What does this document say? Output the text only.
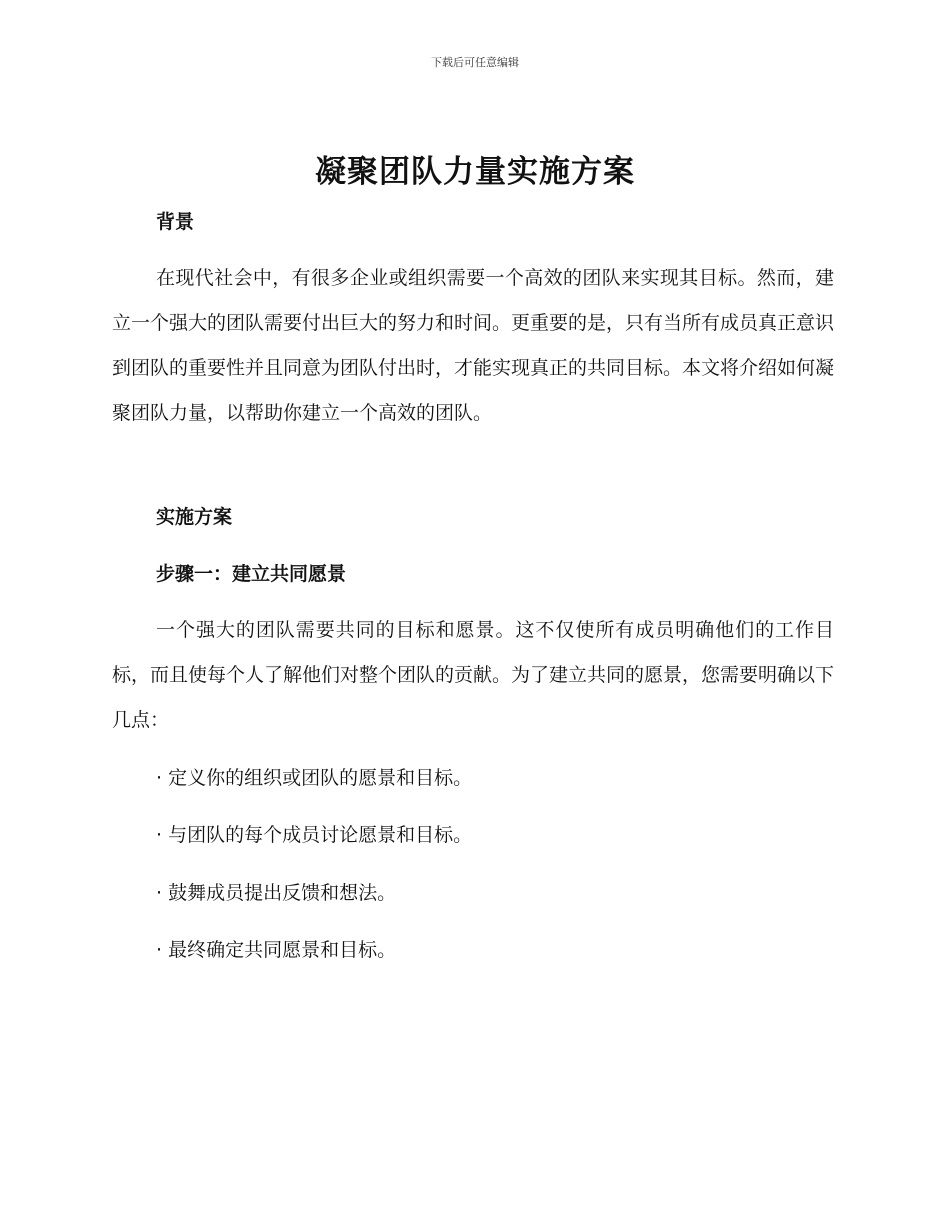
下载后可任意编辑
凝聚团队力量实施方案

背景

在现代社会中，有很多企业或组织需要一个高效的团队来实现其目标。然而，建立一个强大的团队需要付出巨大的努力和时间。更重要的是，只有当所有成员真正意识到团队的重要性并且同意为团队付出时，才能实现真正的共同目标。本文将介绍如何凝聚团队力量，以帮助你建立一个高效的团队。

实施方案

步骤一：建立共同愿景

一个强大的团队需要共同的目标和愿景。这不仅使所有成员明确他们的工作目标，而且使每个人了解他们对整个团队的贡献。为了建立共同的愿景，您需要明确以下几点：

· 定义你的组织或团队的愿景和目标。

· 与团队的每个成员讨论愿景和目标。

· 鼓舞成员提出反馈和想法。

· 最终确定共同愿景和目标。
